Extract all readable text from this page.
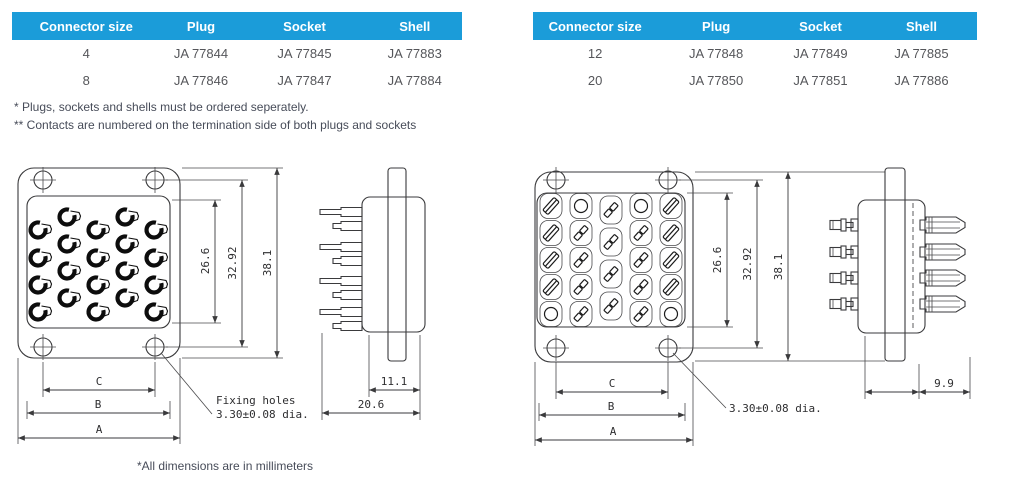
Connector size	Plug	Socket	Shell
4	JA 77844	JA 77845	JA 77883
8	JA 77846	JA 77847	JA 77884
Connector size	Plug	Socket	Shell
12	JA 77848	JA 77849	JA 77885
20	JA 77850	JA 77851	JA 77886
* Plugs, sockets and shells must be ordered seperately.
** Contacts are numbered on the termination side of both plugs and sockets
26.6 32.92 38.1
C
B
A
Fixing holes
3.30±0.08 dia.
11.1
20.6
26.6 32.92 38.1
C
B
A
3.30±0.08 dia.
9.9
*All dimensions are in millimeters
